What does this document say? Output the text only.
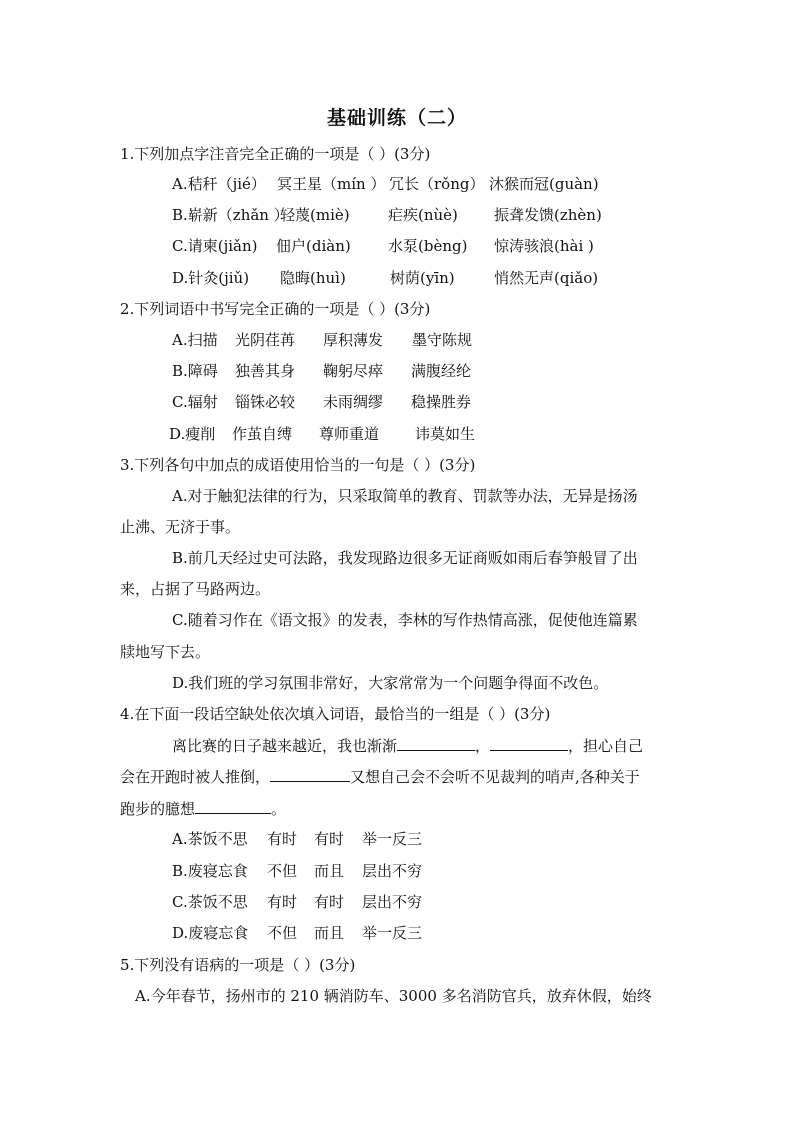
基础训练（二）
1.下列加点字注音完全正确的一项是（ ）(3分)
A.秸秆（jié） 冥王星（mín ） 冗长（rǒng） 沐猴而冠(guàn)
B.崭新（zhǎn ）轻蔑(miè)	疟疾(nùè) 振聋发馈(zhèn)
C.请柬(jiǎn) 佃户(diàn) 水泵(bèng) 惊涛骇浪(hài )
D.针灸(jiǔ) 隐晦(huì)	树荫(yīn)	悄然无声(qiǎo)
2.下列词语中书写完全正确的一项是（ ）(3分)
A.扫描 光阴荏苒 厚积薄发 墨守陈规
B.障碍 独善其身 鞠躬尽瘁 满腹经纶
C.辐射 锱铢必较 未雨绸缪 稳操胜券
D.瘦削 作茧自缚 尊师重道 讳莫如生
3.下列各句中加点的成语使用恰当的一句是（ ）(3分)
A.对于触犯法律的行为，只采取简单的教育、罚款等办法，无异是扬汤
止沸、无济于事。
B.前几天经过史可法路，我发现路边很多无证商贩如雨后春笋般冒了出
来，占据了马路两边。
C.随着习作在《语文报》的发表，李林的写作热情高涨，促使他连篇累
牍地写下去。
D.我们班的学习氛围非常好，大家常常为一个问题争得面不改色。
4.在下面一段话空缺处依次填入词语，最恰当的一组是（ ）(3分)
离比赛的日子越来越近，我也渐渐	，	，担心自己
会在开跑时被人推倒，	又想自己会不会听不见裁判的哨声,各种关于
跑步的臆想	。
A.茶饭不思 有时 有时 举一反三
B.废寝忘食 不但 而且 层出不穷
C.茶饭不思 有时 有时 层出不穷
D.废寝忘食 不但 而且 举一反三
5.下列没有语病的一项是（ ）(3分)
A.今年春节，扬州市的 210 辆消防车、3000 多名消防官兵，放弃休假，始终
